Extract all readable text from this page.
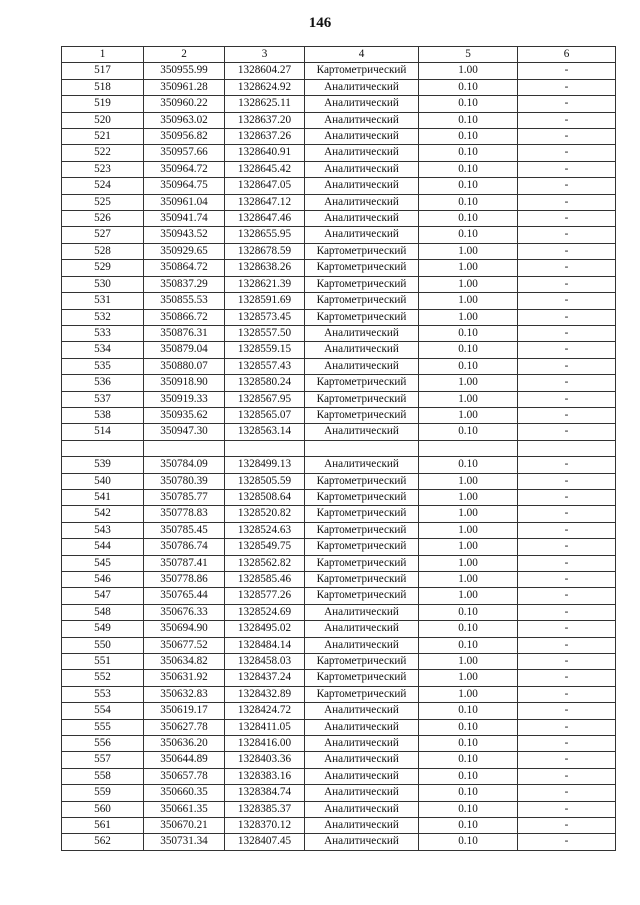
146
1	2	3	4	5	6
517	350955.99	1328604.27	Картометрический	1.00	-
518	350961.28	1328624.92	Аналитический	0.10	-
519	350960.22	1328625.11	Аналитический	0.10	-
520	350963.02	1328637.20	Аналитический	0.10	-
521	350956.82	1328637.26	Аналитический	0.10	-
522	350957.66	1328640.91	Аналитический	0.10	-
523	350964.72	1328645.42	Аналитический	0.10	-
524	350964.75	1328647.05	Аналитический	0.10	-
525	350961.04	1328647.12	Аналитический	0.10	-
526	350941.74	1328647.46	Аналитический	0.10	-
527	350943.52	1328655.95	Аналитический	0.10	-
528	350929.65	1328678.59	Картометрический	1.00	-
529	350864.72	1328638.26	Картометрический	1.00	-
530	350837.29	1328621.39	Картометрический	1.00	-
531	350855.53	1328591.69	Картометрический	1.00	-
532	350866.72	1328573.45	Картометрический	1.00	-
533	350876.31	1328557.50	Аналитический	0.10	-
534	350879.04	1328559.15	Аналитический	0.10	-
535	350880.07	1328557.43	Аналитический	0.10	-
536	350918.90	1328580.24	Картометрический	1.00	-
537	350919.33	1328567.95	Картометрический	1.00	-
538	350935.62	1328565.07	Картометрический	1.00	-
514	350947.30	1328563.14	Аналитический	0.10	-

539	350784.09	1328499.13	Аналитический	0.10	-
540	350780.39	1328505.59	Картометрический	1.00	-
541	350785.77	1328508.64	Картометрический	1.00	-
542	350778.83	1328520.82	Картометрический	1.00	-
543	350785.45	1328524.63	Картометрический	1.00	-
544	350786.74	1328549.75	Картометрический	1.00	-
545	350787.41	1328562.82	Картометрический	1.00	-
546	350778.86	1328585.46	Картометрический	1.00	-
547	350765.44	1328577.26	Картометрический	1.00	-
548	350676.33	1328524.69	Аналитический	0.10	-
549	350694.90	1328495.02	Аналитический	0.10	-
550	350677.52	1328484.14	Аналитический	0.10	-
551	350634.82	1328458.03	Картометрический	1.00	-
552	350631.92	1328437.24	Картометрический	1.00	-
553	350632.83	1328432.89	Картометрический	1.00	-
554	350619.17	1328424.72	Аналитический	0.10	-
555	350627.78	1328411.05	Аналитический	0.10	-
556	350636.20	1328416.00	Аналитический	0.10	-
557	350644.89	1328403.36	Аналитический	0.10	-
558	350657.78	1328383.16	Аналитический	0.10	-
559	350660.35	1328384.74	Аналитический	0.10	-
560	350661.35	1328385.37	Аналитический	0.10	-
561	350670.21	1328370.12	Аналитический	0.10	-
562	350731.34	1328407.45	Аналитический	0.10	-
